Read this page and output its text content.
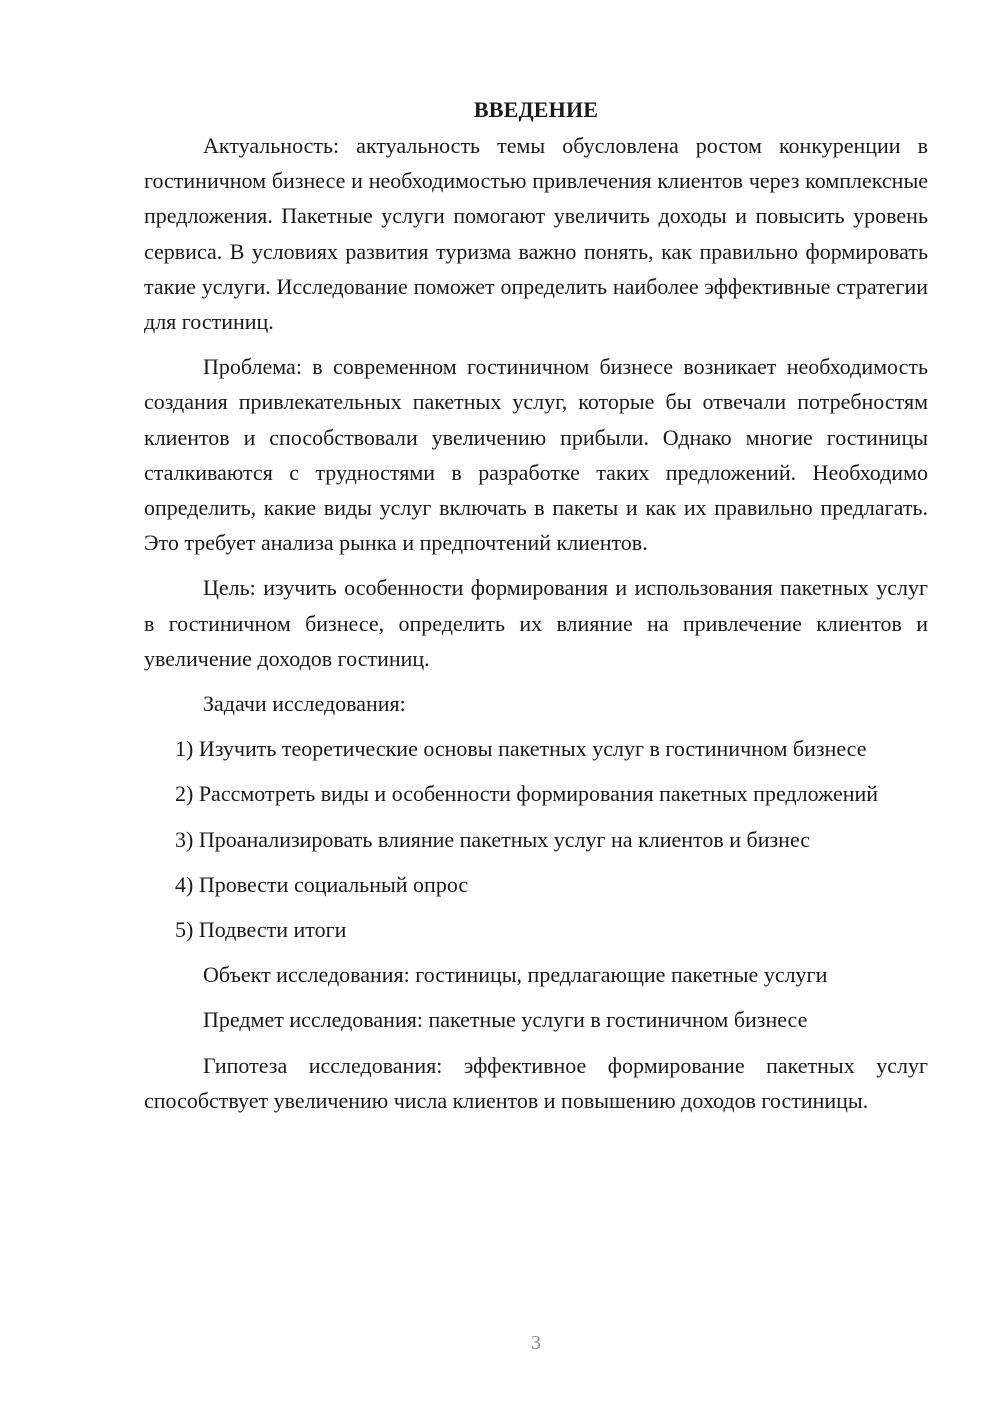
ВВЕДЕНИЕ

Актуальность: актуальность темы обусловлена ростом конкуренции в гостиничном бизнесе и необходимостью привлечения клиентов через комплексные предложения. Пакетные услуги помогают увеличить доходы и повысить уровень сервиса. В условиях развития туризма важно понять, как правильно формировать такие услуги. Исследование поможет определить наиболее эффективные стратегии для гостиниц.

Проблема: в современном гостиничном бизнесе возникает необходимость создания привлекательных пакетных услуг, которые бы отвечали потребностям клиентов и способствовали увеличению прибыли. Однако многие гостиницы сталкиваются с трудностями в разработке таких предложений. Необходимо определить, какие виды услуг включать в пакеты и как их правильно предлагать. Это требует анализа рынка и предпочтений клиентов.

Цель: изучить особенности формирования и использования пакетных услуг в гостиничном бизнесе, определить их влияние на привлечение клиентов и увеличение доходов гостиниц.

Задачи исследования:

1) Изучить теоретические основы пакетных услуг в гостиничном бизнесе

2) Рассмотреть виды и особенности формирования пакетных предложений

3) Проанализировать влияние пакетных услуг на клиентов и бизнес

4) Провести социальный опрос

5) Подвести итоги

Объект исследования: гостиницы, предлагающие пакетные услуги

Предмет исследования: пакетные услуги в гостиничном бизнесе

Гипотеза исследования: эффективное формирование пакетных услуг способствует увеличению числа клиентов и повышению доходов гостиницы.

3
